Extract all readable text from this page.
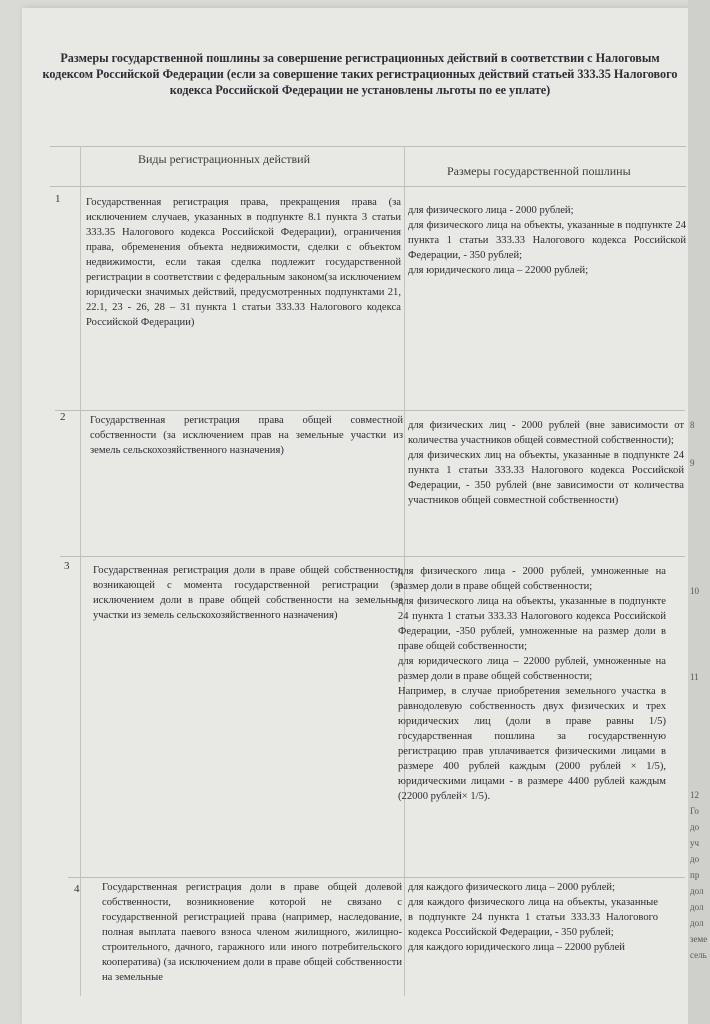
8
9
10
11
12
Го
до
уч
до
пр
дол
дол
дол
земе
сель
Размеры государственной пошлины за совершение регистрационных действий в соответствии с Налоговым кодексом Российской Федерации (если за совершение таких регистрационных действий статьей 333.35 Налогового кодекса Российской Федерации не установлены льготы по ее уплате)
Виды регистрационных действий
Размеры государственной пошлины
1 Государственная регистрация права, прекращения права (за исключением случаев, указанных в подпункте 8.1 пункта 3 статьи 333.35 Налогового кодекса Российской Федерации), ограничения права, обременения объекта недвижимости, сделки с объектом недвижимости, если такая сделка подлежит государственной регистрации в соответствии с федеральным законом(за исключением юридически значимых действий, предусмотренных подпунктами 21, 22.1, 23 - 26, 28 – 31 пункта 1 статьи 333.33 Налогового кодекса Российской Федерации)

для физического лица - 2000 рублей;

для физического лица на объекты, указанные в подпункте 24 пункта 1 статьи 333.33 Налогового кодекса Российской Федерации, - 350 рублей;

для юридического лица – 22000 рублей;

2 Государственная регистрация права общей совместной собственности (за исключением прав на земельные участки из земель сельскохозяйственного назначения)

для физических лиц - 2000 рублей (вне зависимости от количества участников общей совместной собственности);

для физических лиц на объекты, указанные в подпункте 24 пункта 1 статьи 333.33 Налогового кодекса Российской Федерации, - 350 рублей (вне зависимости от количества участников общей совместной собственности)

3 Государственная регистрация доли в праве общей собственности, возникающей с момента государственной регистрации (за исключением доли в праве общей собственности на земельные участки из земель сельскохозяйственного назначения)

для физического лица - 2000 рублей, умноженные на размер доли в праве общей собственности;

для физического лица на объекты, указанные в подпункте 24 пункта 1 статьи 333.33 Налогового кодекса Российской Федерации, -350 рублей, умноженные на размер доли в праве общей собственности;

для юридического лица – 22000 рублей, умноженные на размер доли в праве общей собственности;

Например, в случае приобретения земельного участка в равнодолевую собственность двух физических и трех юридических лиц (доли в праве равны 1/5) государственная пошлина за государственную регистрацию прав уплачивается физическими лицами в размере 400 рублей каждым (2000 рублей × 1/5), юридическими лицами - в размере 4400 рублей каждым (22000 рублей× 1/5).

4 Государственная регистрация доли в праве общей долевой собственности, возникновение которой не связано с государственной регистрацией права (например, наследование, полная выплата паевого взноса членом жилищного, жилищно-строительного, дачного, гаражного или иного потребительского кооператива) (за исключением доли в праве общей собственности на земельные

для каждого физического лица – 2000 рублей;

для каждого физического лица на объекты, указанные в подпункте 24 пункта 1 статьи 333.33 Налогового кодекса Российской Федерации, - 350 рублей;

для каждого юридического лица – 22000 рублей
